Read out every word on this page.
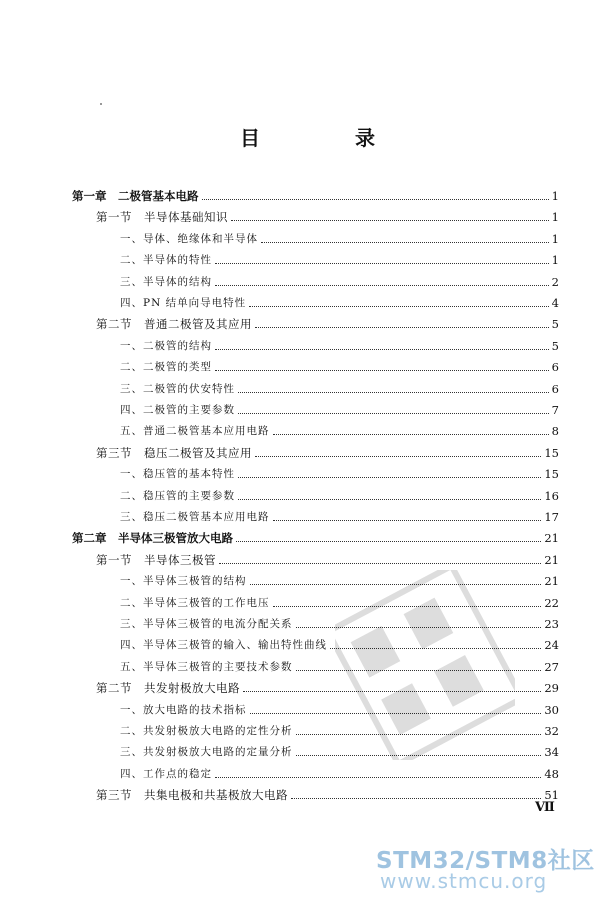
目 录
第一章　二极管基本电路	1
第一节　半导体基础知识	1
一、导体、绝缘体和半导体	1
二、半导体的特性	1
三、半导体的结构	2
四、PN 结单向导电特性	4
第二节　普通二极管及其应用	5
一、二极管的结构	5
二、二极管的类型	6
三、二极管的伏安特性	6
四、二极管的主要参数	7
五、普通二极管基本应用电路	8
第三节　稳压二极管及其应用	15
一、稳压管的基本特性	15
二、稳压管的主要参数	16
三、稳压二极管基本应用电路	17
第二章　半导体三极管放大电路	21
第一节　半导体三极管	21
一、半导体三极管的结构	21
二、半导体三极管的工作电压	22
三、半导体三极管的电流分配关系	23
四、半导体三极管的输入、输出特性曲线	24
五、半导体三极管的主要技术参数	27
第二节　共发射极放大电路	29
一、放大电路的技术指标	30
二、共发射极放大电路的定性分析	32
三、共发射极放大电路的定量分析	34
四、工作点的稳定	48
第三节　共集电极和共基极放大电路	51
Ⅶ
STM32/STM8社区
www.stmcu.org
